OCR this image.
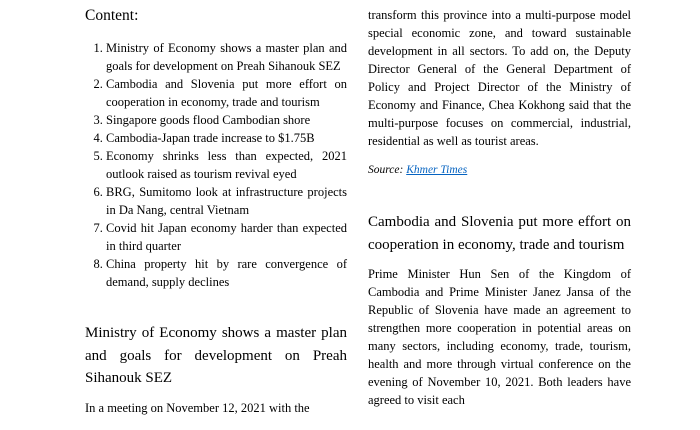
Content:
1. Ministry of Economy shows a master plan and goals for development on Preah Sihanouk SEZ
2. Cambodia and Slovenia put more effort on cooperation in economy, trade and tourism
3. Singapore goods flood Cambodian shore
4. Cambodia-Japan trade increase to $1.75B
5. Economy shrinks less than expected, 2021 outlook raised as tourism revival eyed
6. BRG, Sumitomo look at infrastructure projects in Da Nang, central Vietnam
7. Covid hit Japan economy harder than expected in third quarter
8. China property hit by rare convergence of demand, supply declines
Ministry of Economy shows a master plan and goals for development on Preah Sihanouk SEZ

In a meeting on November 12, 2021 with the

transform this province into a multi-purpose model special economic zone, and toward sustainable development in all sectors. To add on, the Deputy Director General of the General Department of Policy and Project Director of the Ministry of Economy and Finance, Chea Kokhong said that the multi-purpose focuses on commercial, industrial, residential as well as tourist areas.

Source: Khmer Times

Cambodia and Slovenia put more effort on cooperation in economy, trade and tourism

Prime Minister Hun Sen of the Kingdom of Cambodia and Prime Minister Janez Jansa of the Republic of Slovenia have made an agreement to strengthen more cooperation in potential areas on many sectors, including economy, trade, tourism, health and more through virtual conference on the evening of November 10, 2021. Both leaders have agreed to visit each
